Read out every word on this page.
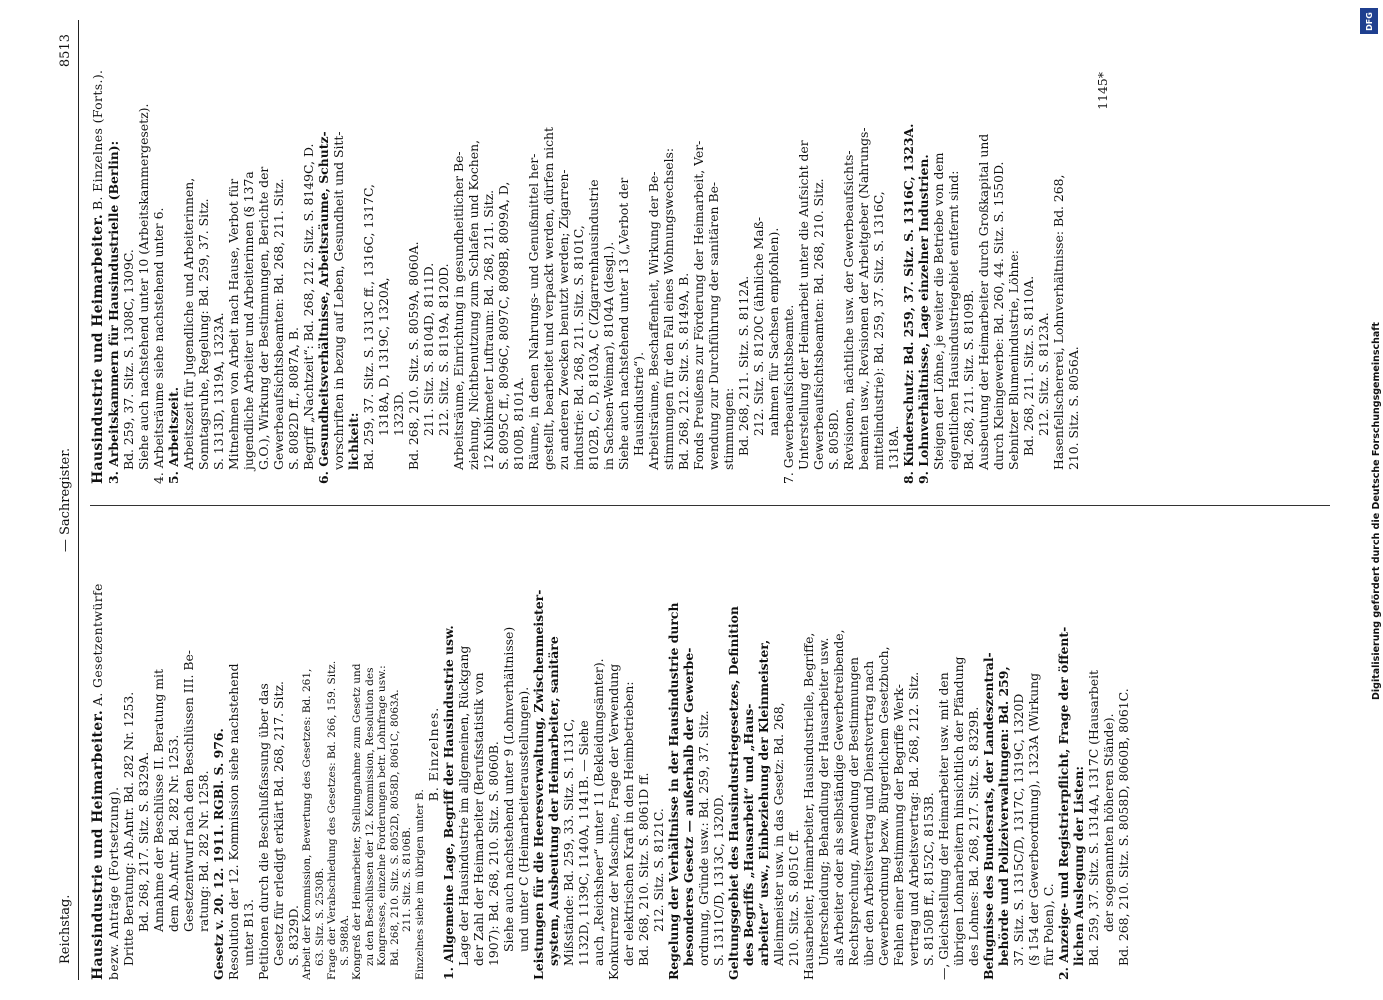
Reichstag.
— Sachregister.
8513
Hausindustrie und Heimarbeiter. A. Gesetzentwürfe
bezw. Anträge (Fortsetzung). Dritte Beratung: Ab.Antr. Bd. 282 Nr. 1253. Bd. 268, 217. Sitz. S. 8329A. Annahme der Beschlüsse II. Beratung mit dem Ab.Antr. Bd. 282 Nr. 1253. Gesetzentwurf nach den Beschlüssen III. Be- ratung: Bd. 282 Nr. 1258. Gesetz v. 20. 12. 1911. RGBl. S. 976. Resolution der 12. Kommission siehe nachstehend unter B13. Petitionen durch die Beschlußfassung über das Gesetz für erledigt erklärt Bd. 268, 217. Sitz. S. 8329D. Arbeit der Kommission, Bewertung des Gesetzes: Bd. 261, 63. Sitz. S. 2530B. Frage der Verabschiedung des Gesetzes: Bd. 266, 159. Sitz. S. 5988A. Kongreß der Heimarbeiter, Stellungnahme zum Gesetz und zu den Beschlüssen der 12. Kommission, Resolution des Kongresses, einzelne Forderungen betr. Lohnfrage usw.: Bd. 268, 210. Sitz. S. 8052D, 8058D, 8061C, 8063A. 211. Sitz. S. 8106B. Einzelnes siehe im übrigen unter B.
B. Einzelnes. 1. Allgemeine Lage, Begriff der Hausindustrie usw. Lage der Hausindustrie im allgemeinen, Rückgang der Zahl der Heimarbeiter (Berufsstatistik von 1907): Bd. 268, 210. Sitz. S. 8060B. Siehe auch nachstehend unter 9 (Lohnverhältnisse) und unter C (Heimarbeiterausstellungen). Leistungen für die Heeresverwaltung, Zwischenmeister- system, Ausbeutung der Heimarbeiter, sanitäre Mißstände: Bd. 259, 33. Sitz. S. 1131C, 1132D, 1139C, 1140A, 1141B. — Siehe auch „Reichsheer“ unter 11 (Bekleidungsämter). Konkurrenz der Maschine, Frage der Verwendung der elektrischen Kraft in den Heimbetrieben: Bd. 268, 210. Sitz. S. 8061D ff. 212. Sitz. S. 8121C. Regelung der Verhältnisse in der Hausindustrie durch besonderes Gesetz — außerhalb der Gewerbe- ordnung, Gründe usw.: Bd. 259, 37. Sitz. S. 1311C/D, 1313C, 1320D. Geltungsgebiet des Hausindustriegesetzes, Definition des Begriffs „Hausarbeit“ und „Haus- arbeiter“ usw., Einbeziehung der Kleinmeister, Alleinmeister usw. in das Gesetz: Bd. 268, 210. Sitz. S. 8051C ff. Hausarbeiter, Heimarbeiter, Hausindustrielle, Begriffe, Unterscheidung; Behandlung der Hausarbeiter usw. als Arbeiter oder als selbständige Gewerbetreibende, Rechtsprechung, Anwendung der Bestimmungen über den Arbeitsvertrag und Dienstvertrag nach Gewerbeordnung bezw. Bürgerlichem Gesetzbuch, Fehlen einer Bestimmung der Begriffe Werk- vertrag und Arbeitsvertrag: Bd. 268, 212. Sitz. S. 8150B ff., 8152C, 8153B. —, Gleichstellung der Heimarbeiter usw. mit den übrigen Lohnarbeitern hinsichtlich der Pfändung des Lohnes: Bd. 268, 217. Sitz. S. 8329B. Befugnisse des Bundesrats, der Landeszentral- behörde und Polizeiverwaltungen: Bd. 259, 37. Sitz. S. 1315C/D, 1317C, 1319C, 1320D (§ 154 der Gewerbeordnung), 1323A (Wirkung für Polen), C. 2. Anzeige- und Registrierpflicht, Frage der öffent- lichen Auslegung der Listen: Bd. 259, 37. Sitz. S. 1314A, 1317C (Hausarbeit der sogenannten höheren Stände). Bd. 268, 210. Sitz. S. 8058D, 8060B, 8061C.
Hausindustrie und Heimarbeiter. B. Einzelnes (Forts.).
3. Arbeitskammern für Hausindustrielle (Berlin): Bd. 259, 37. Sitz. S. 1308C, 1309C. Siehe auch nachstehend unter 10 (Arbeitskammergesetz). 4. Arbeitsräume siehe nachstehend unter 6. 5. Arbeitszeit. Arbeitszeit für Jugendliche und Arbeiterinnen, Sonntagsruhe, Regelung: Bd. 259, 37. Sitz. S. 1313D, 1319A, 1323A. Mitnehmen von Arbeit nach Hause, Verbot für jugendliche Arbeiter und Arbeiterinnen (§ 137a G.O.), Wirkung der Bestimmungen, Berichte der Gewerbeaufsichtsbeamten: Bd. 268, 211. Sitz. S. 8082D ff., 8087A, B. Begriff „Nachtzeit“: Bd. 268, 212. Sitz. S. 8149C, D. 6. Gesundheitsverhältnisse, Arbeitsräume, Schutz- vorschriften in bezug auf Leben, Gesundheit und Sitt- lichkeit: Bd. 259, 37. Sitz. S. 1313C ff., 1316C, 1317C, 1318A, D, 1319C, 1320A, 1323D. Bd. 268, 210. Sitz. S. 8059A, 8060A. 211. Sitz. S. 8104D, 8111D. 212. Sitz. S. 8119A, 8120D. Arbeitsräume, Einrichtung in gesundheitlicher Be- ziehung, Nichtbenutzung zum Schlafen und Kochen, 12 Kubikmeter Luftraum: Bd. 268, 211. Sitz. S. 8095C ff., 8096C, 8097C, 8098B, 8099A, D, 8100B, 8101A. Räume, in denen Nahrungs- und Genußmittel her- gestellt, bearbeitet und verpackt werden, dürfen nicht zu anderen Zwecken benutzt werden; Zigarren- industrie: Bd. 268, 211. Sitz. S. 8101C, 8102B, C, D, 8103A, C (Zigarrenhausindustrie in Sachsen-Weimar), 8104A (desgl.). Siehe auch nachstehend unter 13 („Verbot der Hausindustrie“). Arbeitsräume, Beschaffenheit, Wirkung der Be- stimmungen für den Fall eines Wohnungswechsels: Bd. 268, 212. Sitz. S. 8149A, B. Fonds Preußens zur Förderung der Heimarbeit, Ver- wendung zur Durchführung der sanitären Be- stimmungen: Bd. 268, 211. Sitz. S. 8112A. 212. Sitz. S. 8120C (ähnliche Maß- nahmen für Sachsen empfohlen). 7. Gewerbeaufsichtsbeamte. Unterstellung der Heimarbeit unter die Aufsicht der Gewerbeaufsichtsbeamten: Bd. 268, 210. Sitz. S. 8058D. Revisionen, nächtliche usw. der Gewerbeaufsichts- beamten usw., Revisionen der Arbeitgeber (Nahrungs- mittelindustrie): Bd. 259, 37. Sitz. S. 1316C, 1318A. 8. Kinderschutz: Bd. 259, 37. Sitz. S. 1316C, 1323A. 9. Lohnverhältnisse, Lage einzelner Industrien. Steigen der Löhne, je weiter die Betriebe von dem eigentlichen Hausindustriegebiet entfernt sind: Bd. 268, 211. Sitz. S. 8109B. Ausbeutung der Heimarbeiter durch Großkapital und durch Kleingewerbe: Bd. 260, 44. Sitz. S. 1550D. Sebnitzer Blumenindustrie, Löhne: Bd. 268, 211. Sitz. S. 8110A. 212. Sitz. S. 8123A. Hasenfellschererei, Lohnverhältnisse: Bd. 268, 210. Sitz. S. 8056A.
1145*
DFG
Digitalisierung gefördert durch die Deutsche Forschungsgemeinschaft
